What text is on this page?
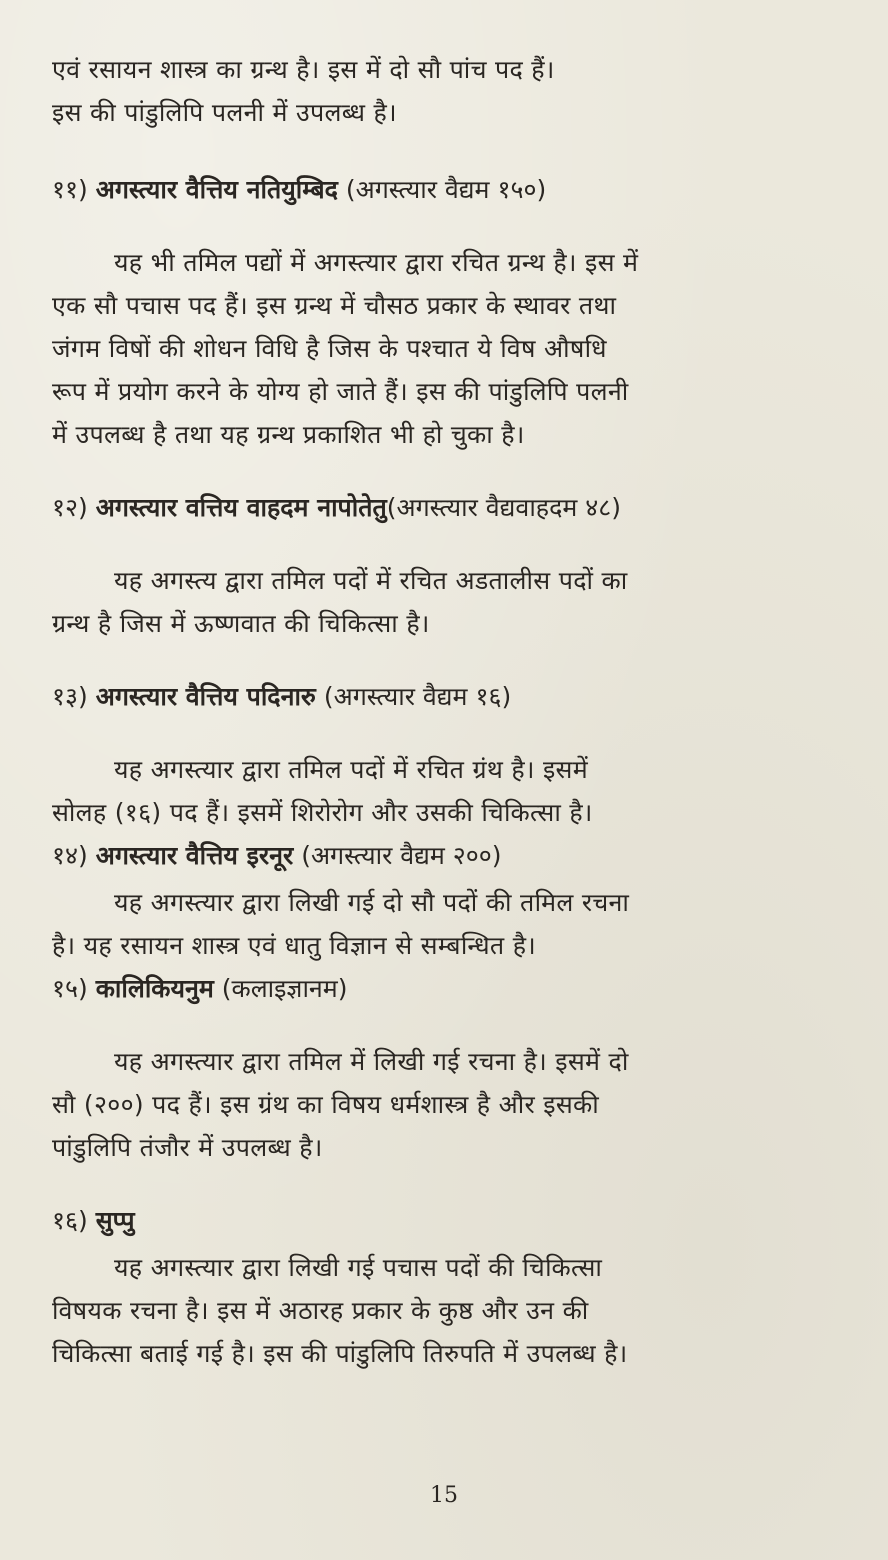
एवं रसायन शास्त्र का ग्रन्थ है। इस में दो सौ पांच पद हैं।
इस की पांडुलिपि पलनी में उपलब्ध है।

११) अगस्त्यार वैत्तिय नतियुम्बिद (अगस्त्यार वैद्यम १५०)

यह भी तमिल पद्यों में अगस्त्यार द्वारा रचित ग्रन्थ है। इस में
एक सौ पचास पद हैं। इस ग्रन्थ में चौसठ प्रकार के स्थावर तथा
जंगम विषों की शोधन विधि है जिस के पश्चात ये विष औषधि
रूप में प्रयोग करने के योग्य हो जाते हैं। इस की पांडुलिपि पलनी
में उपलब्ध है तथा यह ग्रन्थ प्रकाशित भी हो चुका है।

१२) अगस्त्यार वत्तिय वाहदम नापोतेतु(अगस्त्यार वैद्यवाहदम ४८)

यह अगस्त्य द्वारा तमिल पदों में रचित अडतालीस पदों का
ग्रन्थ है जिस में ऊष्णवात की चिकित्सा है।

१३) अगस्त्यार वैत्तिय पदिनारु (अगस्त्यार वैद्यम १६)

यह अगस्त्यार द्वारा तमिल पदों में रचित ग्रंथ है। इसमें
सोलह (१६) पद हैं। इसमें शिरोरोग और उसकी चिकित्सा है।

१४) अगस्त्यार वैत्तिय इरनूर (अगस्त्यार वैद्यम २००)

यह अगस्त्यार द्वारा लिखी गई दो सौ पदों की तमिल रचना
है। यह रसायन शास्त्र एवं धातु विज्ञान से सम्बन्धित है।

१५) कालिकियनुम (कलाइज्ञानम)

यह अगस्त्यार द्वारा तमिल में लिखी गई रचना है। इसमें दो
सौ (२००) पद हैं। इस ग्रंथ का विषय धर्मशास्त्र है और इसकी
पांडुलिपि तंजौर में उपलब्ध है।

१६) सुप्पु

यह अगस्त्यार द्वारा लिखी गई पचास पदों की चिकित्सा
विषयक रचना है। इस में अठारह प्रकार के कुष्ठ और उन की
चिकित्सा बताई गई है। इस की पांडुलिपि तिरुपति में उपलब्ध है।

15
